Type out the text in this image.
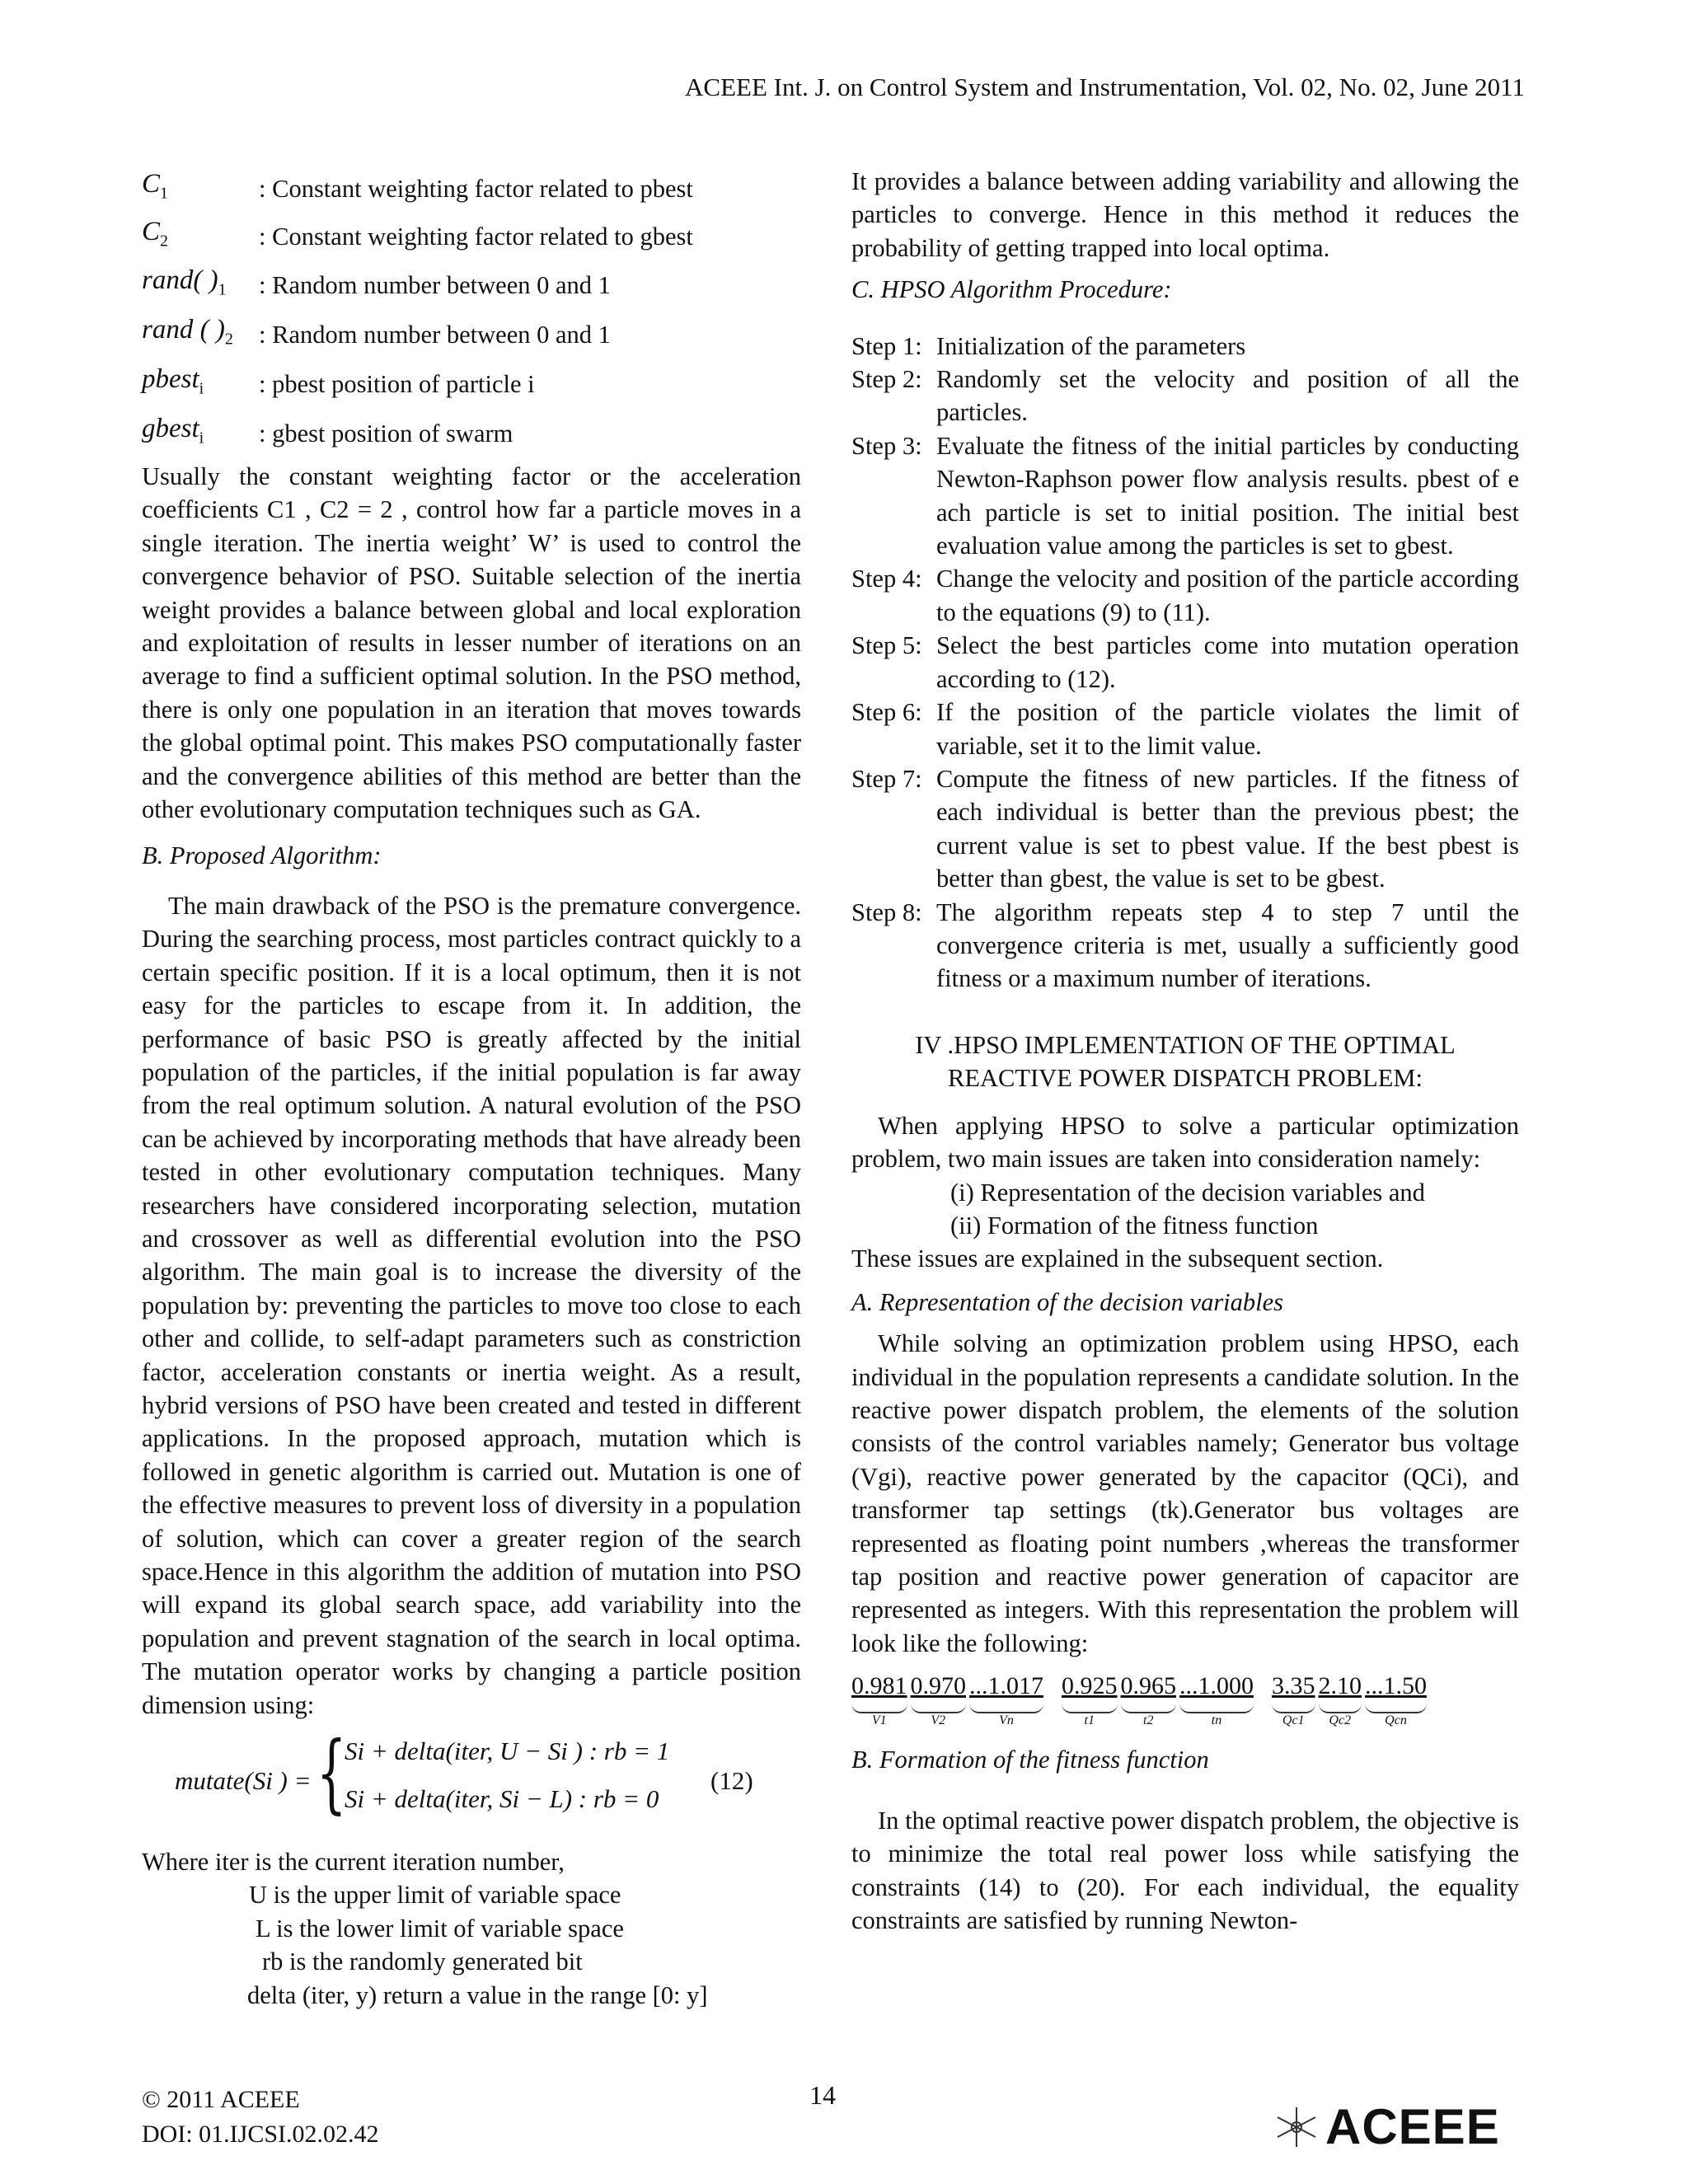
ACEEE Int. J. on Control System and Instrumentation, Vol. 02, No. 02, June 2011
$C_1$	: Constant weighting factor related to pbest
$C_2$	: Constant weighting factor related to gbest
rand( )$_1$	: Random number between 0 and 1
rand ( )$_2$	: Random number between 0 and 1
pbest$_i$	: pbest position of particle i
gbest$_i$	: gbest position of swarm

Usually the constant weighting factor or the acceleration coefficients C1 , C2 = 2 , control how far a particle moves in a single iteration. The inertia weight’ W’ is used to control the convergence behavior of PSO. Suitable selection of the inertia weight provides a balance between global and local exploration and exploitation of results in lesser number of iterations on an average to find a sufficient optimal solution. In the PSO method, there is only one population in an iteration that moves towards the global optimal point. This makes PSO computationally faster and the convergence abilities of this method are better than the other evolutionary computation techniques such as GA.

B. Proposed Algorithm:

The main drawback of the PSO is the premature convergence. During the searching process, most particles contract quickly to a certain specific position. If it is a local optimum, then it is not easy for the particles to escape from it. In addition, the performance of basic PSO is greatly affected by the initial population of the particles, if the initial population is far away from the real optimum solution. A natural evolution of the PSO can be achieved by incorporating methods that have already been tested in other evolutionary computation techniques. Many researchers have considered incorporating selection, mutation and crossover as well as differential evolution into the PSO algorithm. The main goal is to increase the diversity of the population by: preventing the particles to move too close to each other and collide, to self-adapt parameters such as constriction factor, acceleration constants or inertia weight. As a result, hybrid versions of PSO have been created and tested in different applications. In the proposed approach, mutation which is followed in genetic algorithm is carried out. Mutation is one of the effective measures to prevent loss of diversity in a population of solution, which can cover a greater region of the search space.Hence in this algorithm the addition of mutation into PSO will expand its global search space, add variability into the population and prevent stagnation of the search in local optima. The mutation operator works by changing a particle position dimension using:

mutate(Si ) = {
Si + delta(iter, U − Si ) : rb = 1
Si + delta(iter, Si − L) : rb = 0
(12)
Where iter is the current iteration number,
U is the upper limit of variable space
L is the lower limit of variable space
rb is the randomly generated bit
delta (iter, y) return a value in the range [0: y]

It provides a balance between adding variability and allowing the particles to converge. Hence in this method it reduces the probability of getting trapped into local optima.

C. HPSO Algorithm Procedure:
Step 1: Initialization of the parameters
Step 2: Randomly set the velocity and position of all the particles.
Step 3: Evaluate the fitness of the initial particles by conducting Newton-Raphson power flow analysis results. pbest of e ach particle is set to initial position. The initial best evaluation value among the particles is set to gbest.
Step 4: Change the velocity and position of the particle according to the equations (9) to (11).
Step 5: Select the best particles come into mutation operation according to (12).
Step 6: If the position of the particle violates the limit of variable, set it to the limit value.
Step 7: Compute the fitness of new particles. If the fitness of each individual is better than the previous pbest; the current value is set to pbest value. If the best pbest is better than gbest, the value is set to be gbest.
Step 8: The algorithm repeats step 4 to step 7 until the convergence criteria is met, usually a sufficiently good fitness or a maximum number of iterations.
IV .HPSO IMPLEMENTATION OF THE OPTIMAL
REACTIVE POWER DISPATCH PROBLEM:

When applying HPSO to solve a particular optimization problem, two main issues are taken into consideration namely:

(i) Representation of the decision variables and
(ii) Formation of the fitness function

These issues are explained in the subsequent section.

A. Representation of the decision variables

While solving an optimization problem using HPSO, each individual in the population represents a candidate solution. In the reactive power dispatch problem, the elements of the solution consists of the control variables namely; Generator bus voltage (Vgi), reactive power generated by the capacitor (QCi), and transformer tap settings (tk).Generator bus voltages are represented as floating point numbers ,whereas the transformer tap position and reactive power generation of capacitor are represented as integers. With this representation the problem will look like the following:

0.981
V1
0.970
V2
...1.017
Vn
0.925
t1
0.965
t2
...1.000
tn
3.35
Qc1
2.10
Qc2
...1.50
Qcn
B. Formation of the fitness function

In the optimal reactive power dispatch problem, the objective is to minimize the total real power loss while satisfying the constraints (14) to (20). For each individual, the equality constraints are satisfied by running Newton-

© 2011 ACEEE
DOI: 01.IJCSI.02.02.42
14
ACEEE
